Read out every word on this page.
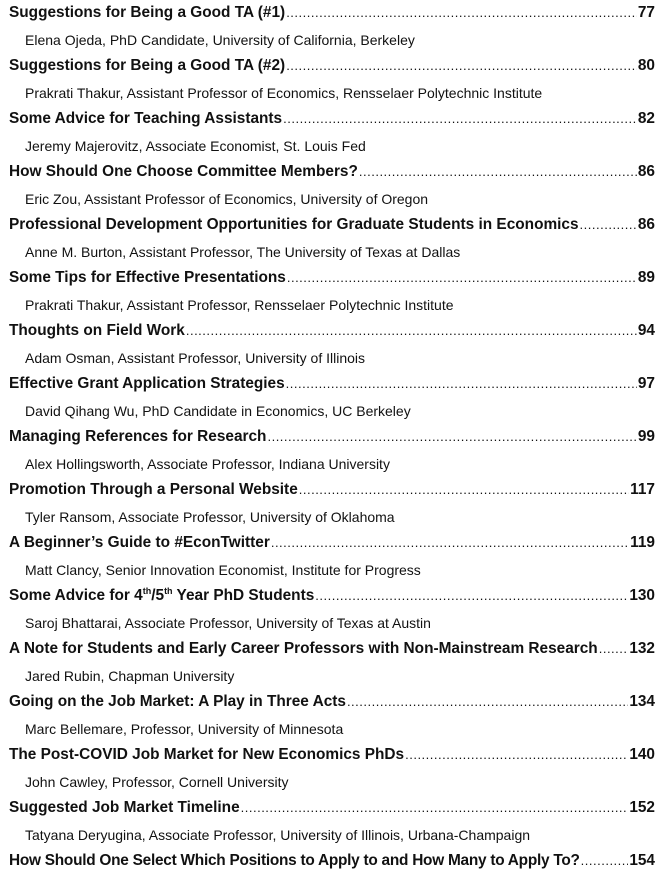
Suggestions for Being a Good TA (#1) .....	77
Elena Ojeda, PhD Candidate, University of California, Berkeley
Suggestions for Being a Good TA (#2) .....	80
Prakrati Thakur, Assistant Professor of Economics, Rensselaer Polytechnic Institute
Some Advice for Teaching Assistants .....	82
Jeremy Majerovitz, Associate Economist, St. Louis Fed
How Should One Choose Committee Members? .....	86
Eric Zou, Assistant Professor of Economics, University of Oregon
Professional Development Opportunities for Graduate Students in Economics .....	86
Anne M. Burton, Assistant Professor, The University of Texas at Dallas
Some Tips for Effective Presentations .....	89
Prakrati Thakur, Assistant Professor, Rensselaer Polytechnic Institute
Thoughts on Field Work .....	94
Adam Osman, Assistant Professor, University of Illinois
Effective Grant Application Strategies .....	97
David Qihang Wu, PhD Candidate in Economics, UC Berkeley
Managing References for Research .....	99
Alex Hollingsworth, Associate Professor, Indiana University
Promotion Through a Personal Website .....	117
Tyler Ransom, Associate Professor, University of Oklahoma
A Beginner’s Guide to #EconTwitter .....	119
Matt Clancy, Senior Innovation Economist, Institute for Progress
Some Advice for 4th/5th Year PhD Students .....	130
Saroj Bhattarai, Associate Professor, University of Texas at Austin
A Note for Students and Early Career Professors with Non-Mainstream Research ..... 132
Jared Rubin, Chapman University
Going on the Job Market: A Play in Three Acts .....	134
Marc Bellemare, Professor, University of Minnesota
The Post-COVID Job Market for New Economics PhDs .....	140
John Cawley, Professor, Cornell University
Suggested Job Market Timeline .....	152
Tatyana Deryugina, Associate Professor, University of Illinois, Urbana-Champaign
How Should One Select Which Positions to Apply to and How Many to Apply To? .....	154
